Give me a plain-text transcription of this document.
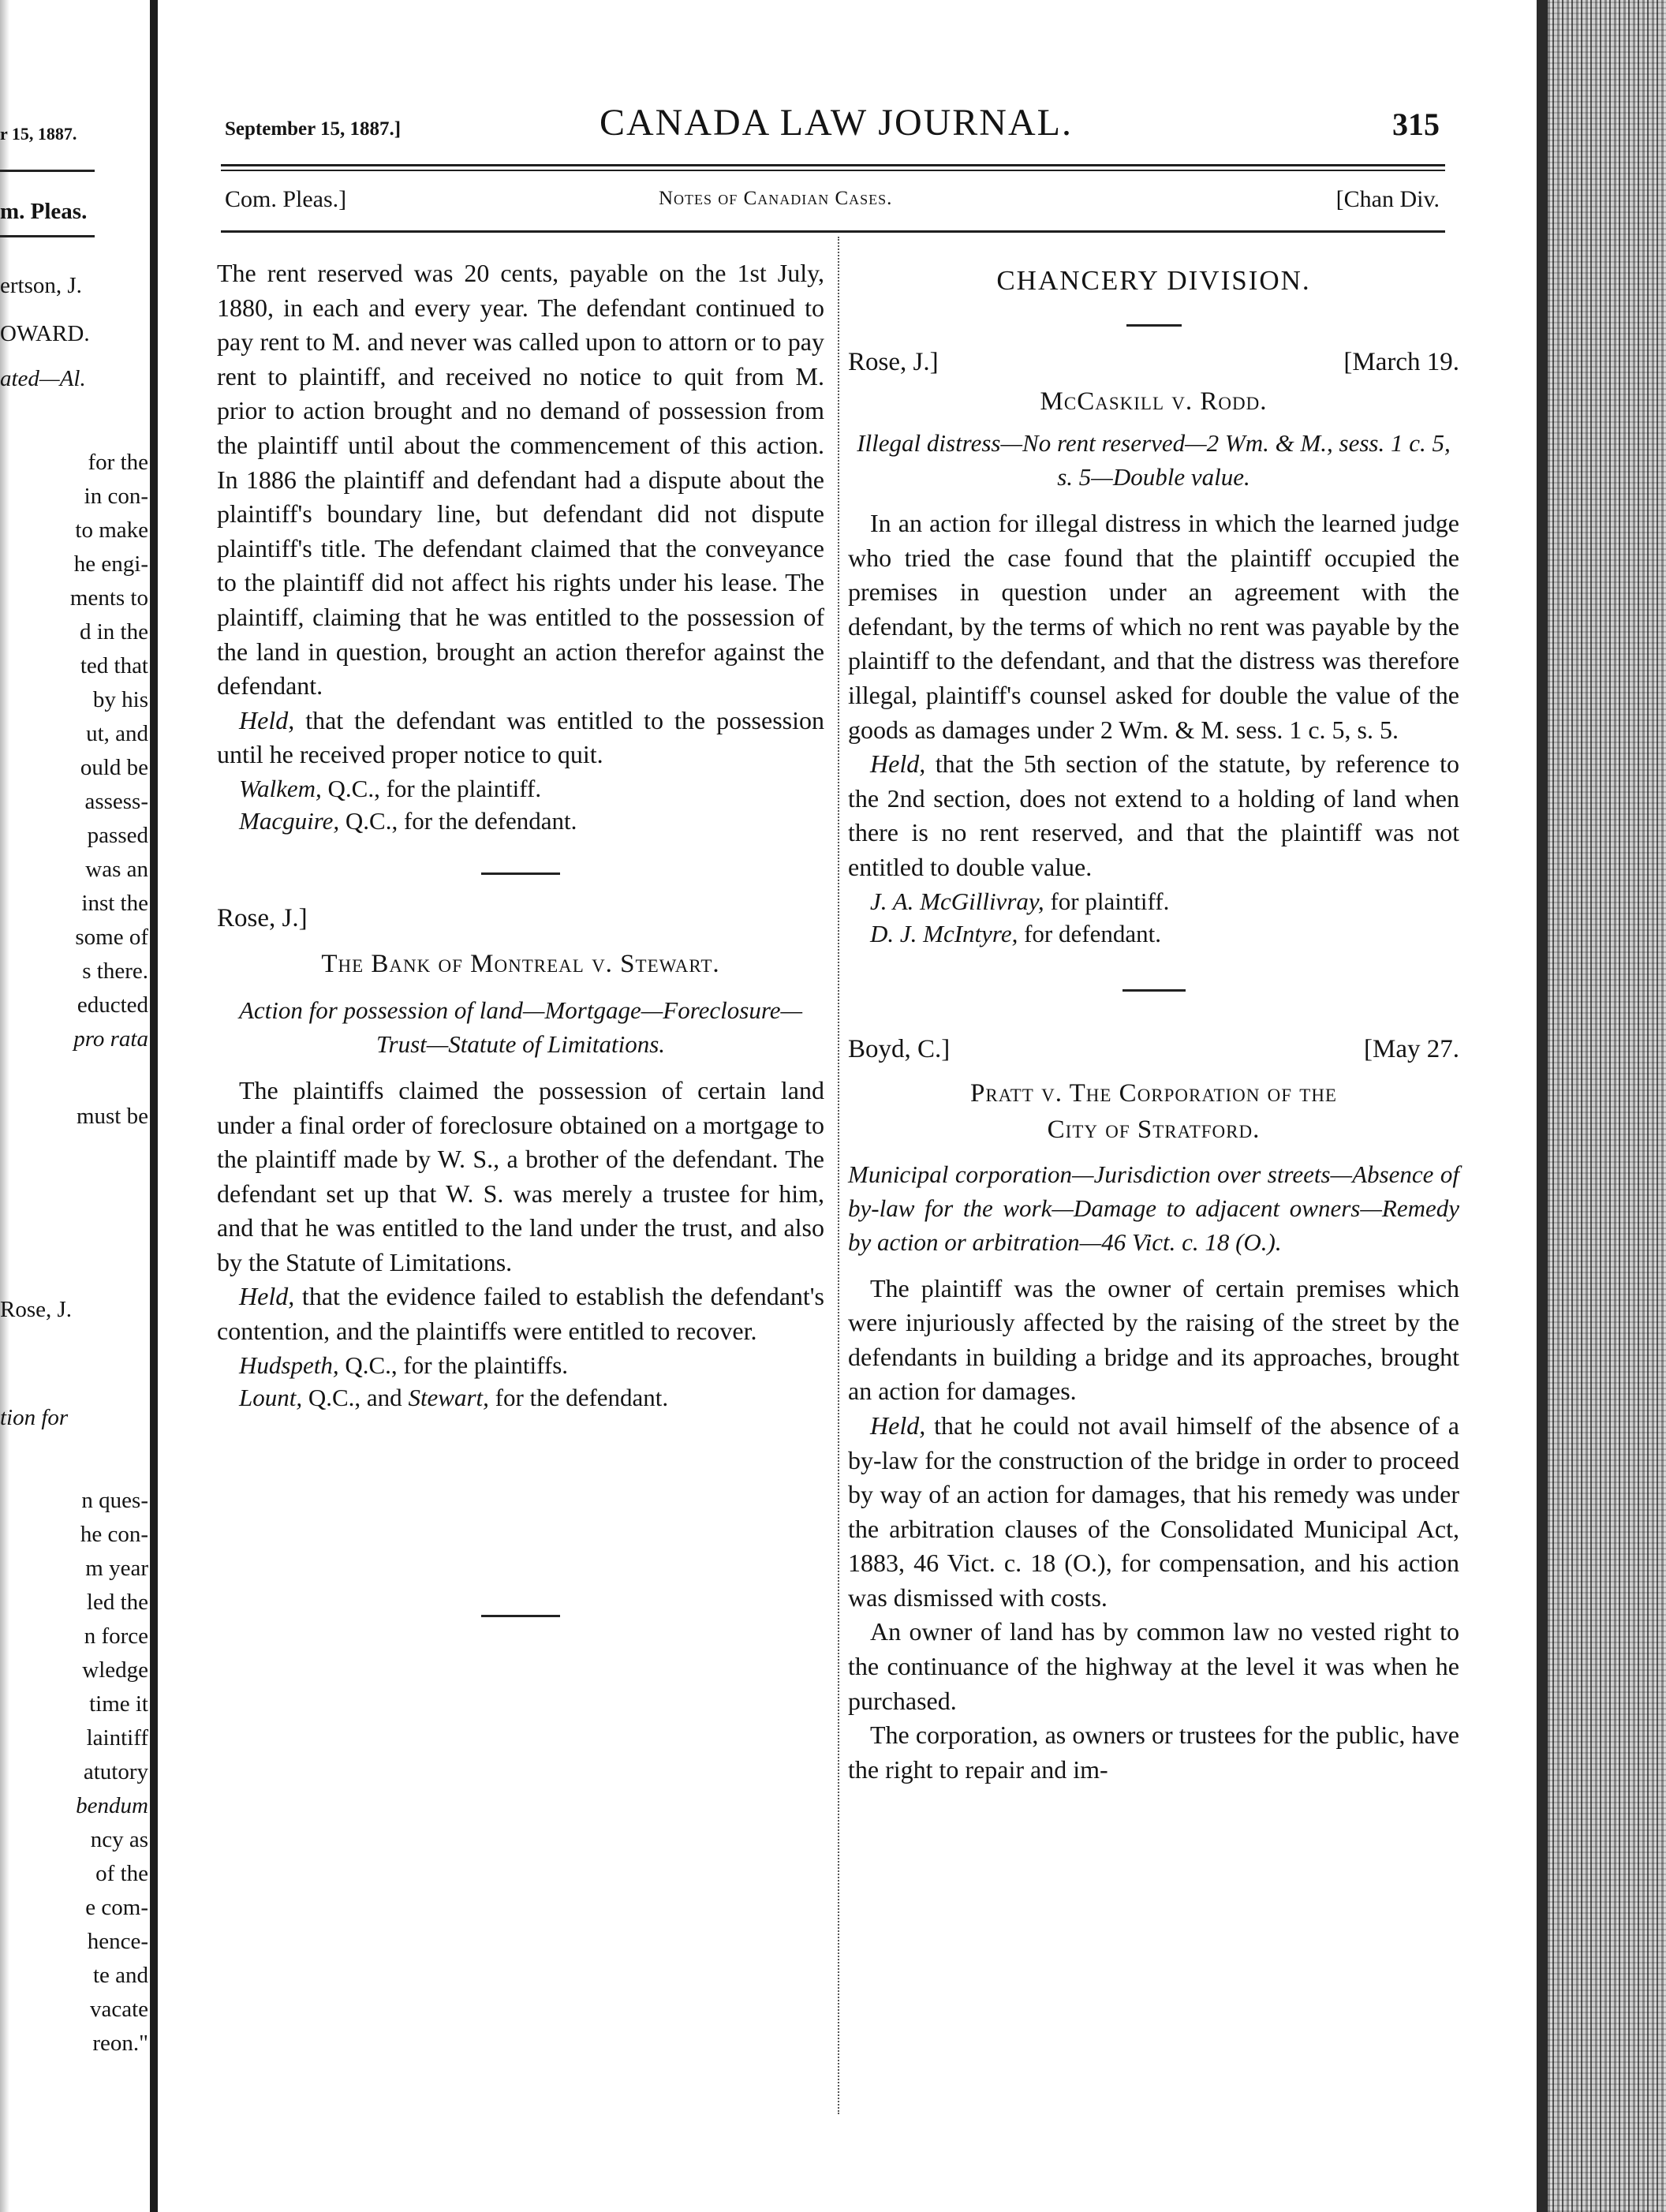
r 15, 1887.
m. Pleas.
ertson, J.
OWARD.
ated—Al.
for the
in con-
to make
he engi-
ments to
d in the
ted that
by his
ut, and
ould be
assess-
passed
was an
inst the
some of
s there.
educted
pro rata
must be
Rose, J.
tion for
n ques-
he con-
m year
led the
n force
wledge
time it
laintiff
atutory
bendum
ncy as
of the
e com-
hence-
te and
vacate
reon."
September 15, 1887.]	CANADA LAW JOURNAL.	315
Com. Pleas.]	Notes of Canadian Cases.	[Chan Div.

The rent reserved was 20 cents, payable on the 1st July, 1880, in each and every year. The defendant continued to pay rent to M. and never was called upon to attorn or to pay rent to plaintiff, and received no notice to quit from M. prior to action brought and no demand of possession from the plaintiff until about the commencement of this action. In 1886 the plaintiff and defendant had a dispute about the plaintiff's boundary line, but defendant did not dispute plaintiff's title. The defendant claimed that the conveyance to the plaintiff did not affect his rights under his lease. The plaintiff, claiming that he was entitled to the possession of the land in question, brought an action therefor against the defendant.

Held, that the defendant was entitled to the possession until he received proper notice to quit.

Walkem, Q.C., for the plaintiff.

Macguire, Q.C., for the defendant.

Rose, J.]

The Bank of Montreal v. Stewart.

Action for possession of land—Mortgage—Foreclosure—Trust—Statute of Limitations.

The plaintiffs claimed the possession of certain land under a final order of foreclosure obtained on a mortgage to the plaintiff made by W. S., a brother of the defendant. The defendant set up that W. S. was merely a trustee for him, and that he was entitled to the land under the trust, and also by the Statute of Limitations.

Held, that the evidence failed to establish the defendant's contention, and the plaintiffs were entitled to recover.

Hudspeth, Q.C., for the plaintiffs.

Lount, Q.C., and Stewart, for the defendant.

CHANCERY DIVISION.

Rose, J.]	[March 19.

McCaskill v. Rodd.

Illegal distress—No rent reserved—2 Wm. & M., sess. 1 c. 5, s. 5—Double value.

In an action for illegal distress in which the learned judge who tried the case found that the plaintiff occupied the premises in question under an agreement with the defendant, by the terms of which no rent was payable by the plaintiff to the defendant, and that the distress was therefore illegal, plaintiff's counsel asked for double the value of the goods as damages under 2 Wm. & M. sess. 1 c. 5, s. 5.

Held, that the 5th section of the statute, by reference to the 2nd section, does not extend to a holding of land when there is no rent reserved, and that the plaintiff was not entitled to double value.

J. A. McGillivray, for plaintiff.

D. J. McIntyre, for defendant.

Boyd, C.]	[May 27.

Pratt v. The Corporation of the

City of Stratford.

Municipal corporation—Jurisdiction over streets—Absence of by-law for the work—Damage to adjacent owners—Remedy by action or arbitration—46 Vict. c. 18 (O.).

The plaintiff was the owner of certain premises which were injuriously affected by the raising of the street by the defendants in building a bridge and its approaches, brought an action for damages.

Held, that he could not avail himself of the absence of a by-law for the construction of the bridge in order to proceed by way of an action for damages, that his remedy was under the arbitration clauses of the Consolidated Municipal Act, 1883, 46 Vict. c. 18 (O.), for compensation, and his action was dismissed with costs.

An owner of land has by common law no vested right to the continuance of the highway at the level it was when he purchased.

The corporation, as owners or trustees for the public, have the right to repair and im-
